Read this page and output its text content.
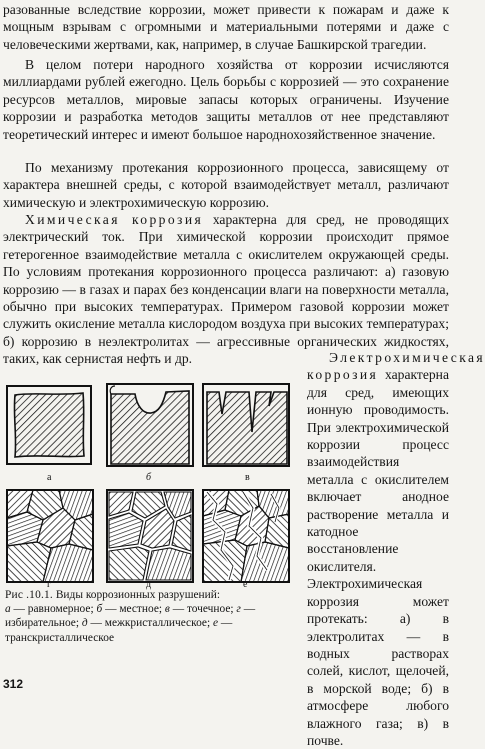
разованные вследствие коррозии, может привести к пожарам и даже к мощным взрывам с огромными и материальными потерями и даже с человеческими жертвами, как, например, в случае Башкирской трагедии.

В целом потери народного хозяйства от коррозии исчисляются миллиардами рублей ежегодно. Цель борьбы с коррозией — это сохранение ресурсов металлов, мировые запасы которых ограничены. Изучение коррозии и разработка методов защиты металлов от нее представляют теоретический интерес и имеют большое народнохозяйственное значение.

По механизму протекания коррозионного процесса, зависящему от характера внешней среды, с которой взаимодействует металл, различают химическую и электрохимическую коррозию.

Химическая коррозия характерна для сред, не проводящих электрический ток. При химической коррозии происходит прямое гетерогенное взаимодействие металла с окислителем окружающей среды. По условиям протекания коррозионного процесса различают: а) газовую коррозию — в газах и парах без конденсации влаги на поверхности металла, обычно при высоких температурах. Примером газовой коррозии может служить окисление металла кислородом воздуха при высоких температурах; б) коррозию в неэлектролитах — агрессивные органических жидкостях, таких, как сернистая нефть и др.	Электрохимическая коррозия характерна для сред, имеющих ионную проводимость. При электрохимической коррозии процесс взаимодействия металла с окислителем включает анодное растворение металла и катодное восстановление окислителя. Электрохимическая коррозия может протекать: а) в электролитах — в водных растворах солей, кислот, щелочей, в морской воде; б) в атмосфере любого влажного газа; в) в почве.

а	б	в
г	д	е
Рис .10.1. Виды коррозионных разрушений:
а — равномерное; б — местное; в — точечное; г — избирательное; д — межкристаллическое; е — транскристаллическое
312
